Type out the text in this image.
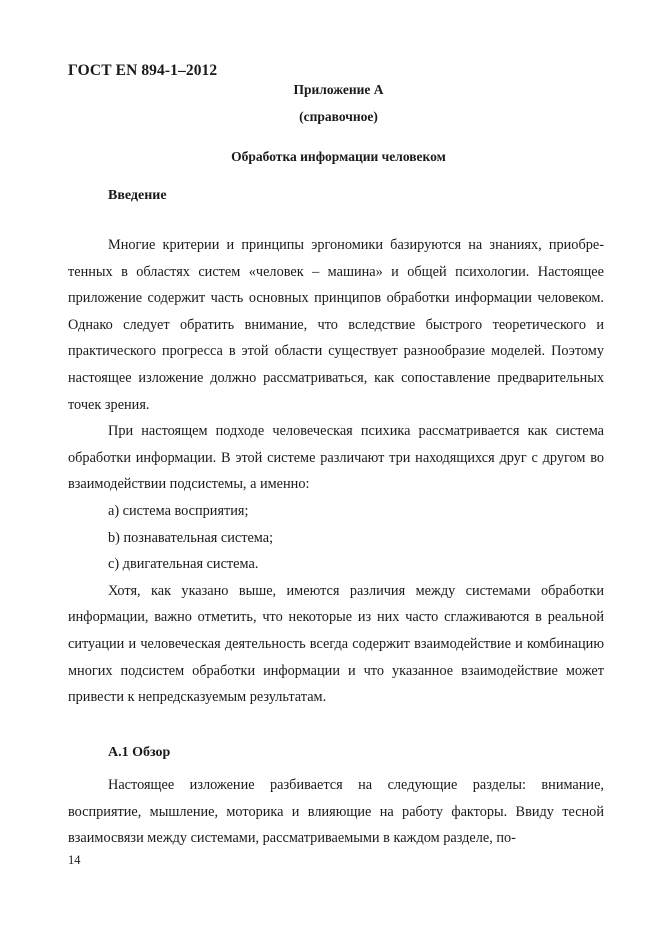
ГОСТ EN 894-1–2012
Приложение А
(справочное)
Обработка информации человеком
Введение

Многие критерии и принципы эргономики базируются на знаниях, приобретенных в областях систем «человек – машина» и общей психологии. Настоящее приложение содержит часть основных принципов обработки информации человеком. Однако следует обратить внимание, что вследствие быстрого теоретического и практического прогресса в этой области существует разнообразие моделей. Поэтому настоящее изложение должно рассматриваться, как сопоставление предварительных точек зрения.

При настоящем подходе человеческая психика рассматривается как система обработки информации. В этой системе различают три находящихся друг с другом во взаимодействии подсистемы, а именно:

a) система восприятия;

b) познавательная система;

c) двигательная система.

Хотя, как указано выше, имеются различия между системами обработки информации, важно отметить, что некоторые из них часто сглаживаются в реальной ситуации и человеческая деятельность всегда содержит взаимодействие и комбинацию многих подсистем обработки информации и что указанное взаимодействие может привести к непредсказуемым результатам.

А.1 Обзор

Настоящее изложение разбивается на следующие разделы: внимание, восприятие, мышление, моторика и влияющие на работу факторы. Ввиду тесной взаимосвязи между системами, рассматриваемыми в каждом разделе, по-

14
